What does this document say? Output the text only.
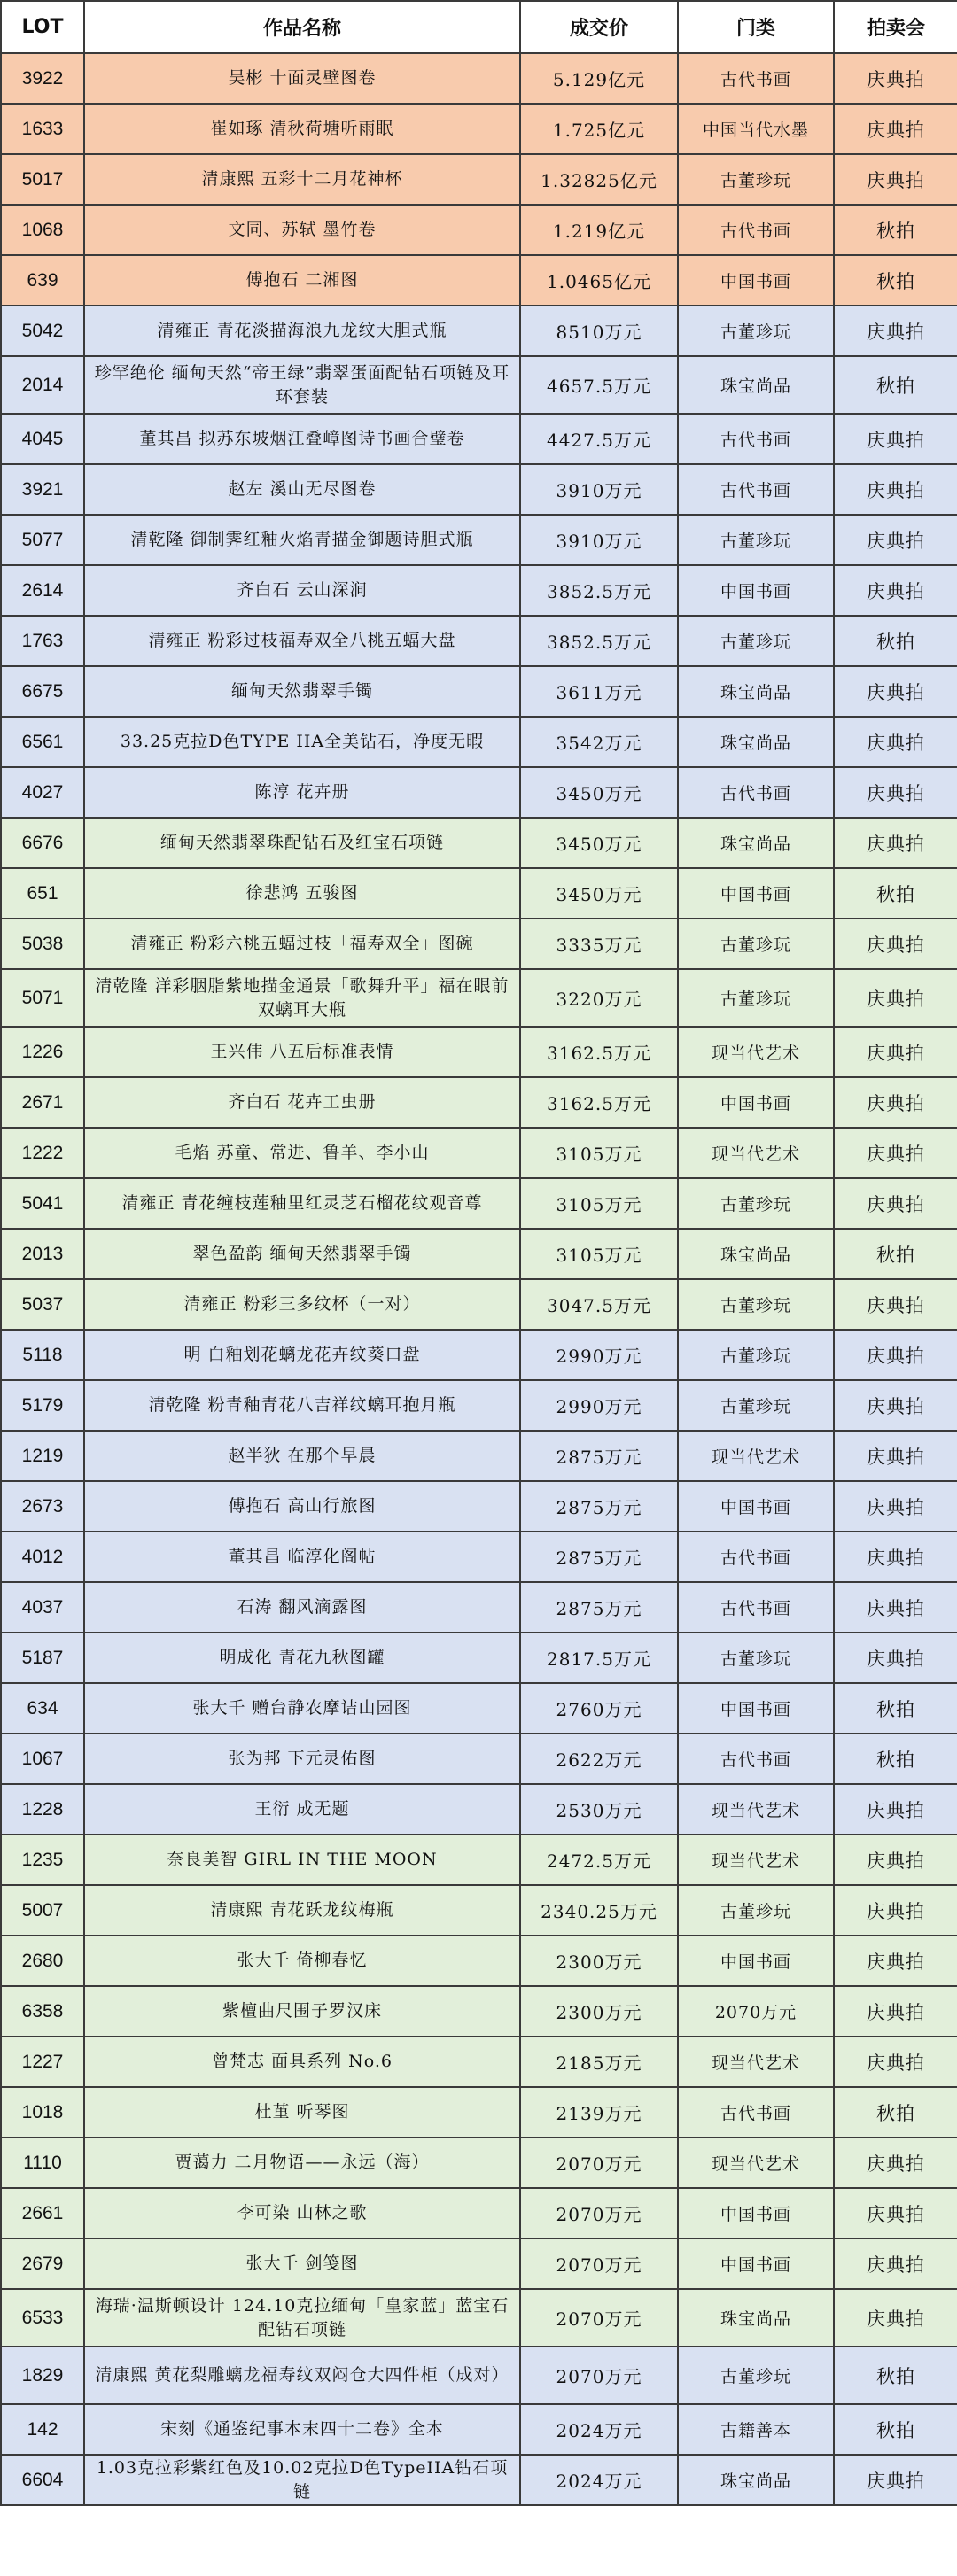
LOT	作品名称	成交价	门类	拍卖会
3922	吴彬 十面灵壁图卷	5.129亿元	古代书画	庆典拍
1633	崔如琢 清秋荷塘听雨眠	1.725亿元	中国当代水墨	庆典拍
5017	清康熙 五彩十二月花神杯	1.32825亿元	古董珍玩	庆典拍
1068	文同、苏轼 墨竹卷	1.219亿元	古代书画	秋拍
639	傅抱石 二湘图	1.0465亿元	中国书画	秋拍
5042	清雍正 青花淡描海浪九龙纹大胆式瓶	8510万元	古董珍玩	庆典拍
2014	珍罕绝伦 缅甸天然“帝王绿”翡翠蛋面配钻石项链及耳环套装	4657.5万元	珠宝尚品	秋拍
4045	董其昌 拟苏东坡烟江叠嶂图诗书画合璧卷	4427.5万元	古代书画	庆典拍
3921	赵左 溪山无尽图卷	3910万元	古代书画	庆典拍
5077	清乾隆 御制霁红釉火焰青描金御题诗胆式瓶	3910万元	古董珍玩	庆典拍
2614	齐白石 云山深涧	3852.5万元	中国书画	庆典拍
1763	清雍正 粉彩过枝福寿双全八桃五蝠大盘	3852.5万元	古董珍玩	秋拍
6675	缅甸天然翡翠手镯	3611万元	珠宝尚品	庆典拍
6561	33.25克拉D色TYPE IIA全美钻石，净度无暇	3542万元	珠宝尚品	庆典拍
4027	陈淳 花卉册	3450万元	古代书画	庆典拍
6676	缅甸天然翡翠珠配钻石及红宝石项链	3450万元	珠宝尚品	庆典拍
651	徐悲鸿 五骏图	3450万元	中国书画	秋拍
5038	清雍正 粉彩六桃五蝠过枝「福寿双全」图碗	3335万元	古董珍玩	庆典拍
5071	清乾隆 洋彩胭脂紫地描金通景「歌舞升平」福在眼前双螭耳大瓶	3220万元	古董珍玩	庆典拍
1226	王兴伟 八五后标准表情	3162.5万元	现当代艺术	庆典拍
2671	齐白石 花卉工虫册	3162.5万元	中国书画	庆典拍
1222	毛焰 苏童、常进、鲁羊、李小山	3105万元	现当代艺术	庆典拍
5041	清雍正 青花缠枝莲釉里红灵芝石榴花纹观音尊	3105万元	古董珍玩	庆典拍
2013	翠色盈韵 缅甸天然翡翠手镯	3105万元	珠宝尚品	秋拍
5037	清雍正 粉彩三多纹杯（一对）	3047.5万元	古董珍玩	庆典拍
5118	明 白釉划花螭龙花卉纹葵口盘	2990万元	古董珍玩	庆典拍
5179	清乾隆 粉青釉青花八吉祥纹螭耳抱月瓶	2990万元	古董珍玩	庆典拍
1219	赵半狄 在那个早晨	2875万元	现当代艺术	庆典拍
2673	傅抱石 高山行旅图	2875万元	中国书画	庆典拍
4012	董其昌 临淳化阁帖	2875万元	古代书画	庆典拍
4037	石涛 翻风滴露图	2875万元	古代书画	庆典拍
5187	明成化 青花九秋图罐	2817.5万元	古董珍玩	庆典拍
634	张大千 赠台静农摩诘山园图	2760万元	中国书画	秋拍
1067	张为邦 下元灵佑图	2622万元	古代书画	秋拍
1228	王衍 成无题	2530万元	现当代艺术	庆典拍
1235	奈良美智 GIRL IN THE MOON	2472.5万元	现当代艺术	庆典拍
5007	清康熙 青花跃龙纹梅瓶	2340.25万元	古董珍玩	庆典拍
2680	张大千 倚柳春忆	2300万元	中国书画	庆典拍
6358	紫檀曲尺围子罗汉床	2300万元	2070万元	庆典拍
1227	曾梵志 面具系列 No.6	2185万元	现当代艺术	庆典拍
1018	杜堇 听琴图	2139万元	古代书画	秋拍
1110	贾蔼力 二月物语——永远（海）	2070万元	现当代艺术	庆典拍
2661	李可染 山林之歌	2070万元	中国书画	庆典拍
2679	张大千 剑笺图	2070万元	中国书画	庆典拍
6533	海瑞·温斯顿设计 124.10克拉缅甸「皇家蓝」蓝宝石配钻石项链	2070万元	珠宝尚品	庆典拍
1829	清康熙 黄花梨雕螭龙福寿纹双闷仓大四件柜（成对）	2070万元	古董珍玩	秋拍
142	宋刻《通鉴纪事本末四十二卷》全本	2024万元	古籍善本	秋拍
6604	1.03克拉彩紫红色及10.02克拉D色TypeIIA钻石项链	2024万元	珠宝尚品	庆典拍
